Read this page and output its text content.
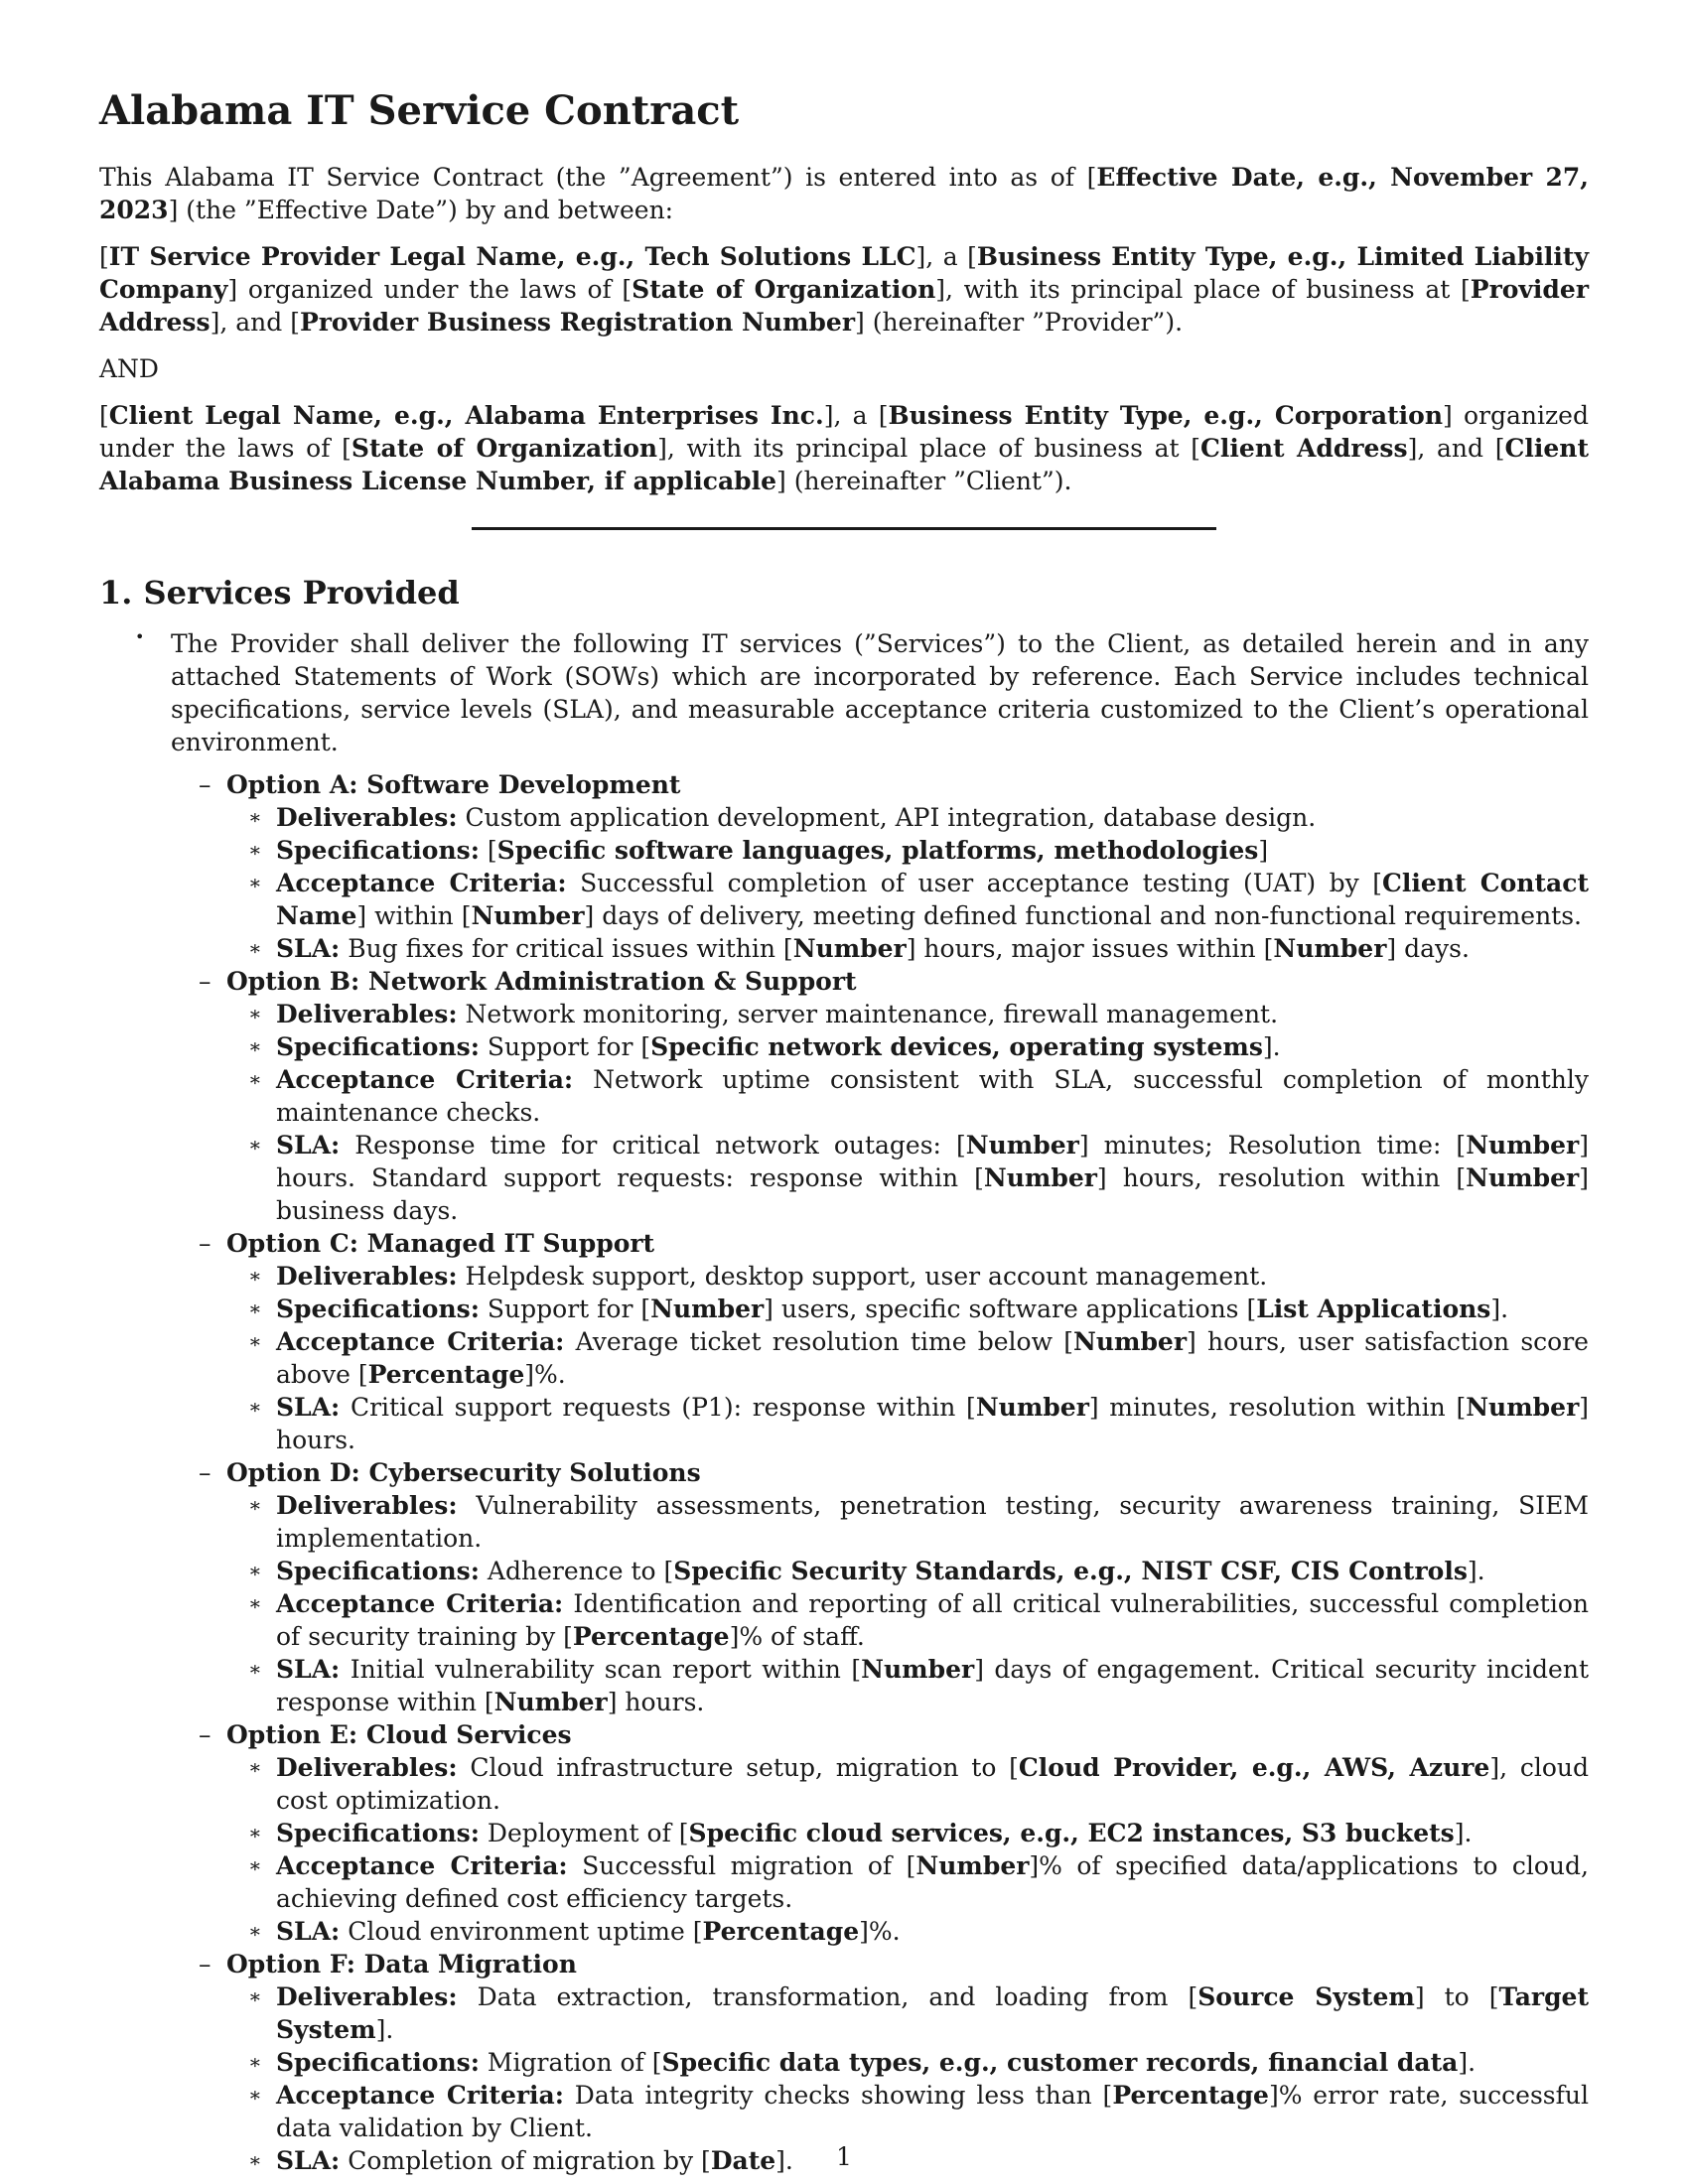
Alabama IT Service Contract

This Alabama IT Service Contract (the ”Agreement”) is entered into as of [Effective Date, e.g., November 27, 2023] (the ”Effective Date”) by and between:

[IT Service Provider Legal Name, e.g., Tech Solutions LLC], a [Business Entity Type, e.g., Limited Liability Company] organized under the laws of [State of Organization], with its principal place of business at [Provider Address], and [Provider Business Registration Number] (hereinafter ”Provider”).

AND

[Client Legal Name, e.g., Alabama Enterprises Inc.], a [Business Entity Type, e.g., Corporation] organized under the laws of [State of Organization], with its principal place of business at [Client Address], and [Client Alabama Business License Number, if applicable] (hereinafter ”Client”).

1. Services Provided
•	The Provider shall deliver the following IT services (”Services”) to the Client, as detailed herein and in any attached Statements of Work (SOWs) which are incorporated by reference. Each Service includes technical specifications, service levels (SLA), and measurable acceptance criteria customized to the Client’s operational environment.

– Option A: Software Development
∗ Deliverables: Custom application development, API integration, database design.
∗ Specifications: [Specific software languages, platforms, methodologies]
∗ Acceptance Criteria: Successful completion of user acceptance testing (UAT) by [Client Contact Name] within [Number] days of delivery, meeting defined functional and non-functional requirements.
∗ SLA: Bug fixes for critical issues within [Number] hours, major issues within [Number] days.
– Option B: Network Administration & Support
∗ Deliverables: Network monitoring, server maintenance, firewall management.
∗ Specifications: Support for [Specific network devices, operating systems].
∗ Acceptance Criteria: Network uptime consistent with SLA, successful completion of monthly maintenance checks.
∗ SLA: Response time for critical network outages: [Number] minutes; Resolution time: [Number] hours. Standard support requests: response within [Number] hours, resolution within [Number] business days.
– Option C: Managed IT Support
∗ Deliverables: Helpdesk support, desktop support, user account management.
∗ Specifications: Support for [Number] users, specific software applications [List Applications].
∗ Acceptance Criteria: Average ticket resolution time below [Number] hours, user satisfaction score above [Percentage]%.
∗ SLA: Critical support requests (P1): response within [Number] minutes, resolution within [Number] hours.
– Option D: Cybersecurity Solutions
∗ Deliverables: Vulnerability assessments, penetration testing, security awareness training, SIEM implementation.
∗ Specifications: Adherence to [Specific Security Standards, e.g., NIST CSF, CIS Controls].
∗ Acceptance Criteria: Identification and reporting of all critical vulnerabilities, successful completion of security training by [Percentage]% of staff.
∗ SLA: Initial vulnerability scan report within [Number] days of engagement. Critical security incident response within [Number] hours.
– Option E: Cloud Services
∗ Deliverables: Cloud infrastructure setup, migration to [Cloud Provider, e.g., AWS, Azure], cloud cost optimization.
∗ Specifications: Deployment of [Specific cloud services, e.g., EC2 instances, S3 buckets].
∗ Acceptance Criteria: Successful migration of [Number]% of specified data/applications to cloud, achieving defined cost efficiency targets.
∗ SLA: Cloud environment uptime [Percentage]%.
– Option F: Data Migration
∗ Deliverables: Data extraction, transformation, and loading from [Source System] to [Target System].
∗ Specifications: Migration of [Specific data types, e.g., customer records, financial data].
∗ Acceptance Criteria: Data integrity checks showing less than [Percentage]% error rate, successful data validation by Client.
∗ SLA: Completion of migration by [Date].	1
